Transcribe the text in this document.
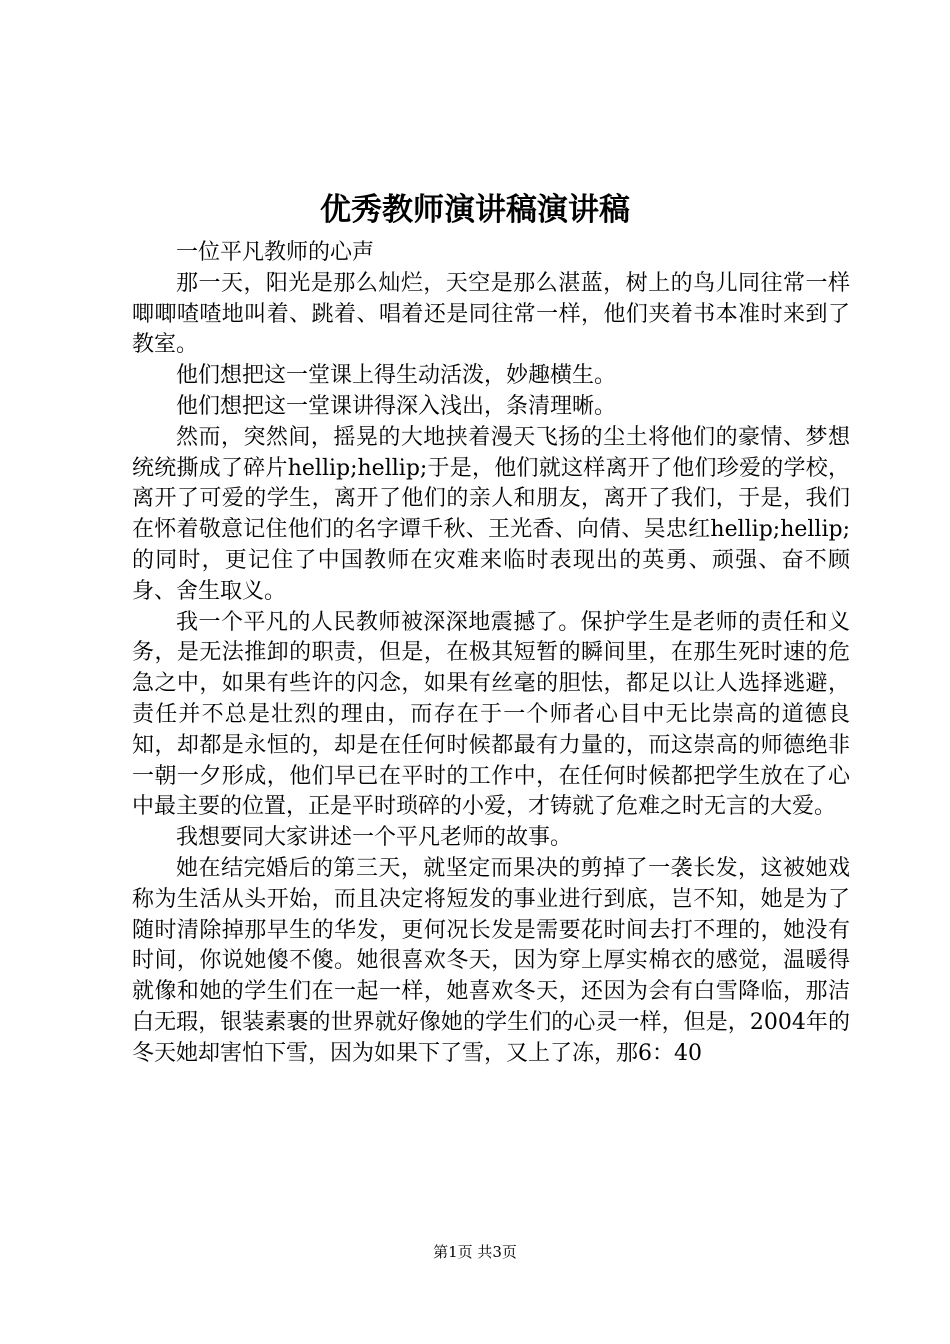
优秀教师演讲稿演讲稿

一位平凡教师的心声

那一天，阳光是那么灿烂，天空是那么湛蓝，树上的鸟儿同往常一样唧唧喳喳地叫着、跳着、唱着还是同往常一样，他们夹着书本准时来到了教室。

他们想把这一堂课上得生动活泼，妙趣横生。

他们想把这一堂课讲得深入浅出，条清理晰。

然而，突然间，摇晃的大地挟着漫天飞扬的尘土将他们的豪情、梦想统统撕成了碎片hellip;hellip;于是，他们就这样离开了他们珍爱的学校，离开了可爱的学生，离开了他们的亲人和朋友，离开了我们，于是，我们在怀着敬意记住他们的名字谭千秋、王光香、向倩、吴忠红hellip;hellip;的同时，更记住了中国教师在灾难来临时表现出的英勇、顽强、奋不顾身、舍生取义。

我一个平凡的人民教师被深深地震撼了。保护学生是老师的责任和义务，是无法推卸的职责，但是，在极其短暂的瞬间里，在那生死时速的危急之中，如果有些许的闪念，如果有丝毫的胆怯，都足以让人选择逃避，责任并不总是壮烈的理由，而存在于一个师者心目中无比崇高的道德良知，却都是永恒的，却是在任何时候都最有力量的，而这崇高的师德绝非一朝一夕形成，他们早已在平时的工作中，在任何时候都把学生放在了心中最主要的位置，正是平时琐碎的小爱，才铸就了危难之时无言的大爱。

我想要同大家讲述一个平凡老师的故事。

她在结完婚后的第三天，就坚定而果决的剪掉了一袭长发，这被她戏称为生活从头开始，而且决定将短发的事业进行到底，岂不知，她是为了随时清除掉那早生的华发，更何况长发是需要花时间去打不理的，她没有时间，你说她傻不傻。她很喜欢冬天，因为穿上厚实棉衣的感觉，温暖得就像和她的学生们在一起一样，她喜欢冬天，还因为会有白雪降临，那洁白无瑕，银装素裹的世界就好像她的学生们的心灵一样，但是，2004年的冬天她却害怕下雪，因为如果下了雪，又上了冻，那6：40

第1页 共3页
